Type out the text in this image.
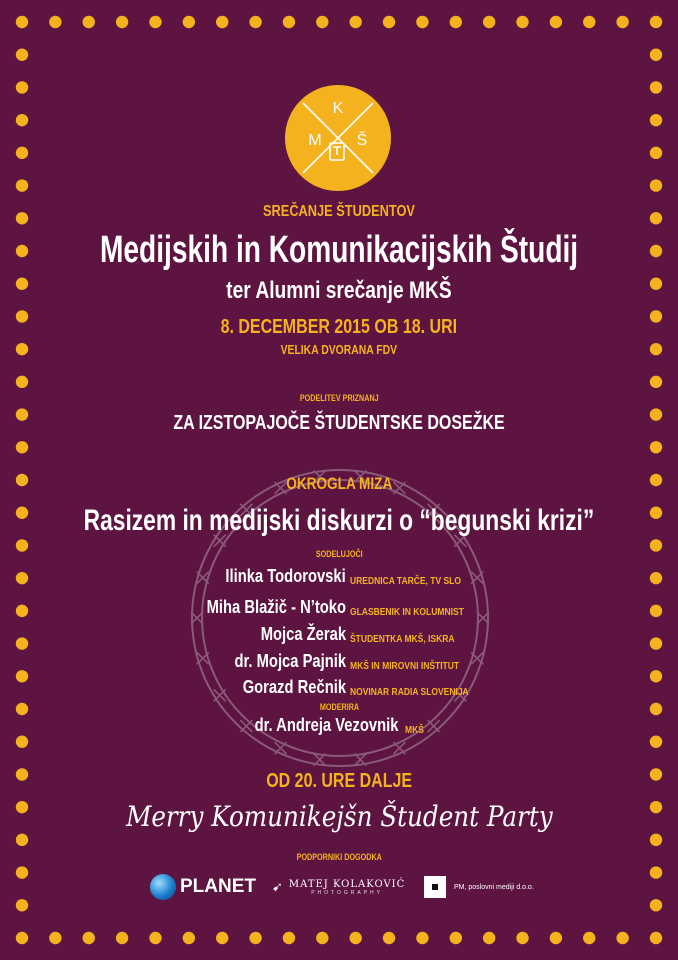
M
K
Š
SREČANJE ŠTUDENTOV
Medijskih in Komunikacijskih Študij
ter Alumni srečanje MKŠ
8. DECEMBER 2015 OB 18. URI
VELIKA DVORANA FDV
PODELITEV PRIZNANJ
ZA IZSTOPAJOČE ŠTUDENTSKE DOSEŽKE
OKROGLA MIZA
Rasizem in medijski diskurzi o “begunski krizi”
SODELUJOČI
Ilinka Todorovski UREDNICA TARČE, TV SLO
Miha Blažič - N’toko GLASBENIK IN KOLUMNIST
Mojca Žerak ŠTUDENTKA MKŠ, ISKRA
dr. Mojca Pajnik MKŠ IN MIROVNI INŠTITUT
Gorazd Rečnik NOVINAR RADIA SLOVENIJA
MODERIRA
dr. Andreja Vezovnik MKŠ
OD 20. URE DALJE
Merry Komunikejšn Študent Party
PODPORNIKI DOGODKA
PLANET ➹ MATEJ KOLAKOVIĆ
PHOTOGRAPHY
PM, poslovni mediji d.o.o.
